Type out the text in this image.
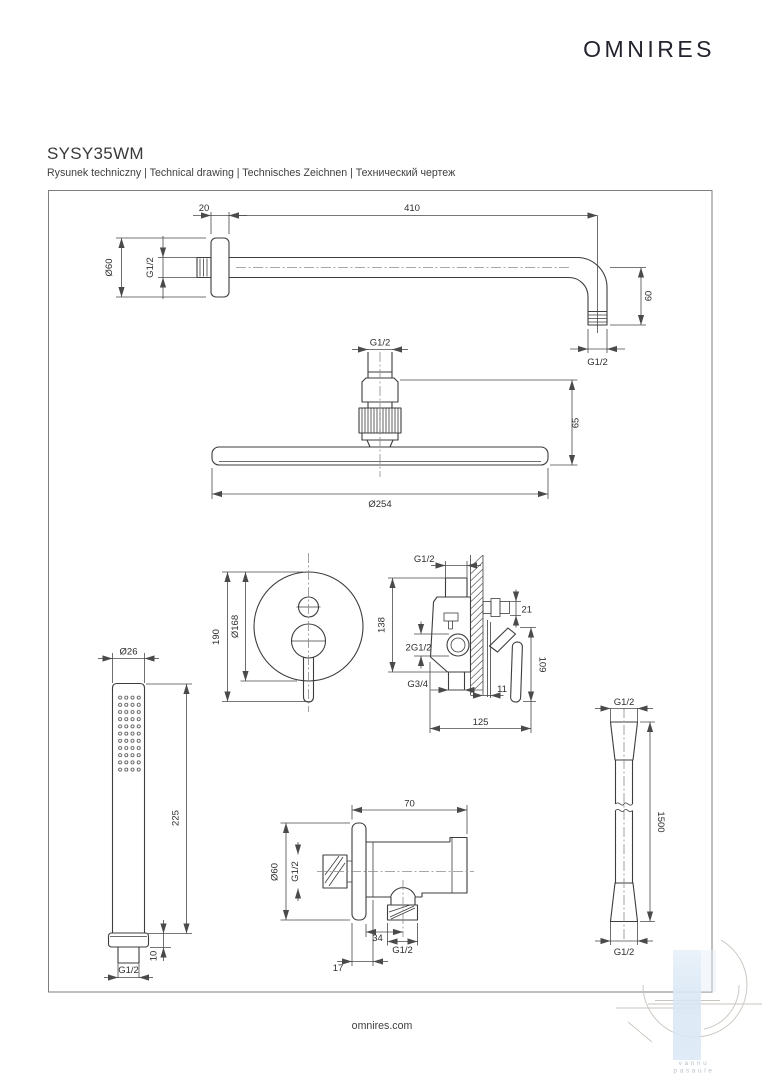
OMNIRES
SYSY35WM
Rysunek techniczny | Technical drawing | Technisches Zeichnen | Технический чертеж
20	410
Ø60	G1/2
60
G1/2
G1/2
65
Ø254
190 Ø168
G1/2
138
21
2G1/2
G3/4	11
109
125
Ø26
225
10
G1/2
70
Ø60 G1/2
34
G1/2
17
G1/2
1500
G1/2
vannu
pasaule
omnires.com
